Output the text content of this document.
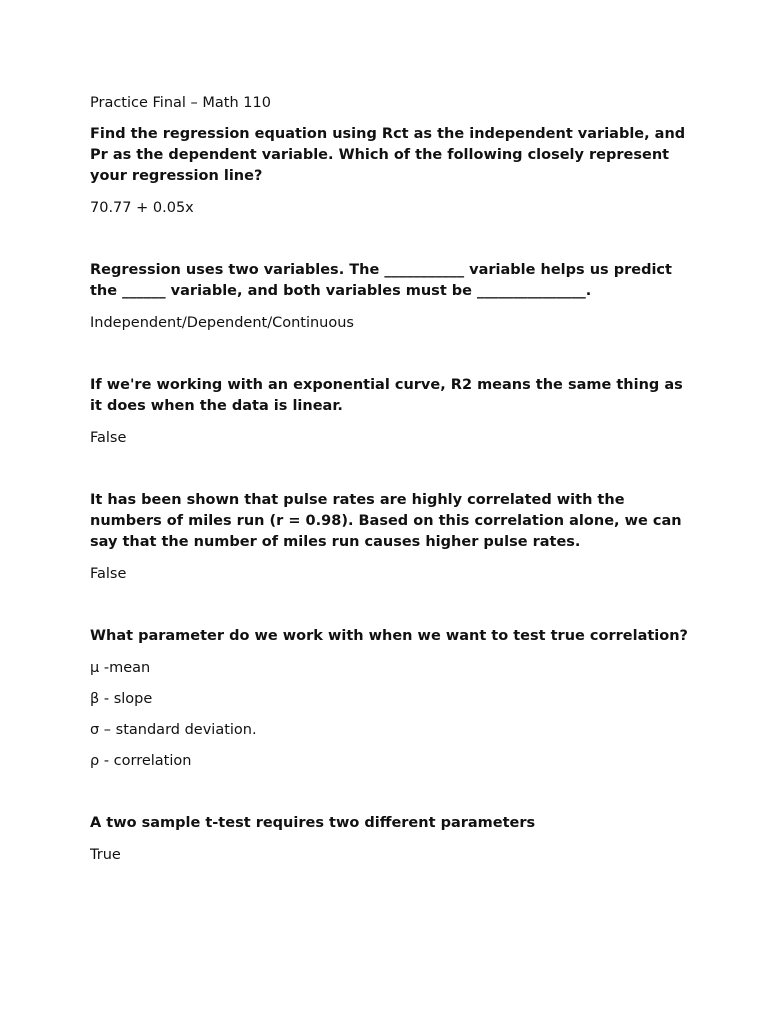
Practice Final – Math 110
Find the regression equation using Rct as the independent variable, and Pr as the dependent variable. Which of the following closely represent your regression line?
70.77 + 0.05x
Regression uses two variables. The ___________ variable helps us predict the ______ variable, and both variables must be _______________.
Independent/Dependent/Continuous
If we're working with an exponential curve, R2 means the same thing as it does when the data is linear.
False
It has been shown that pulse rates are highly correlated with the numbers of miles run (r = 0.98). Based on this correlation alone, we can say that the number of miles run causes higher pulse rates.
False
What parameter do we work with when we want to test true correlation?
μ -mean
β - slope
σ – standard deviation.
ρ - correlation
A two sample t-test requires two different parameters
True
